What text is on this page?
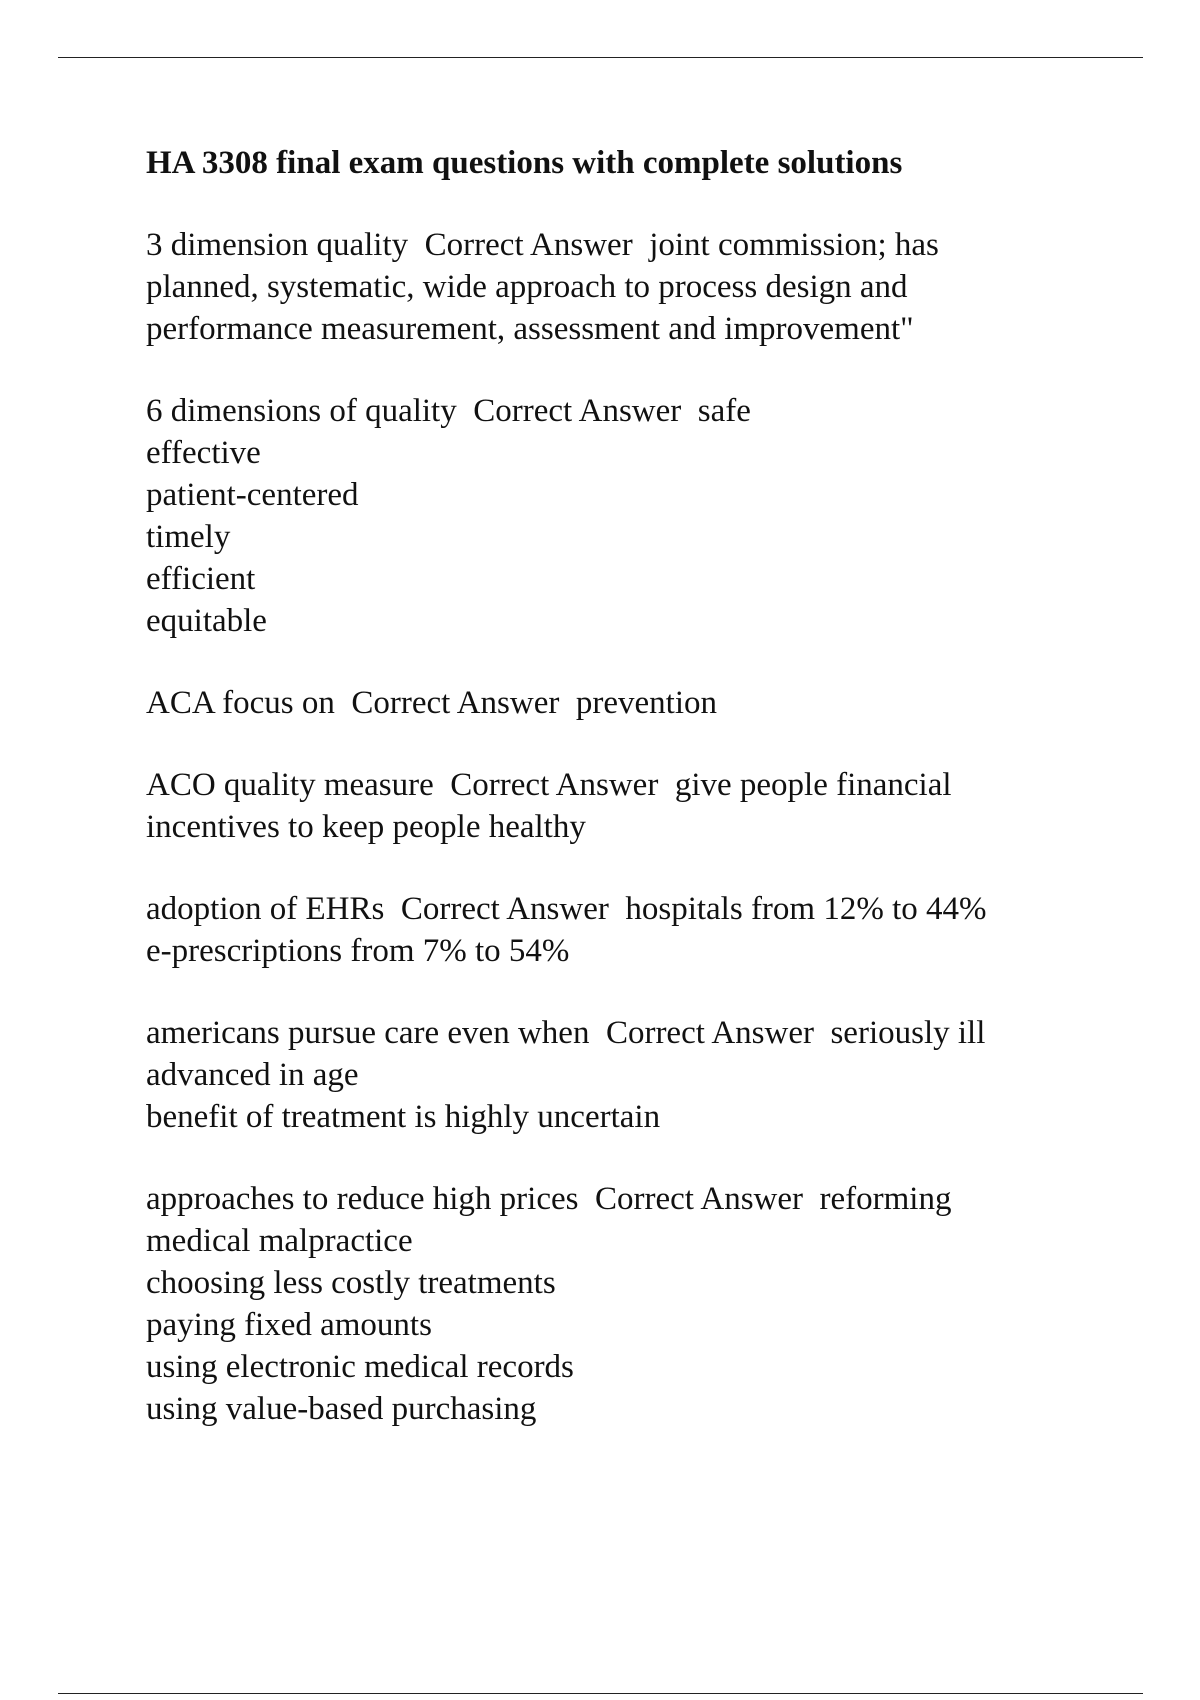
HA 3308 final exam questions with complete solutions
3 dimension quality Correct Answer joint commission; has
planned, systematic, wide approach to process design and
performance measurement, assessment and improvement"
6 dimensions of quality Correct Answer safe
effective
patient-centered
timely
efficient
equitable
ACA focus on Correct Answer prevention
ACO quality measure Correct Answer give people financial
incentives to keep people healthy
adoption of EHRs Correct Answer hospitals from 12% to 44%
e-prescriptions from 7% to 54%
americans pursue care even when Correct Answer seriously ill
advanced in age
benefit of treatment is highly uncertain
approaches to reduce high prices Correct Answer reforming
medical malpractice
choosing less costly treatments
paying fixed amounts
using electronic medical records
using value-based purchasing
